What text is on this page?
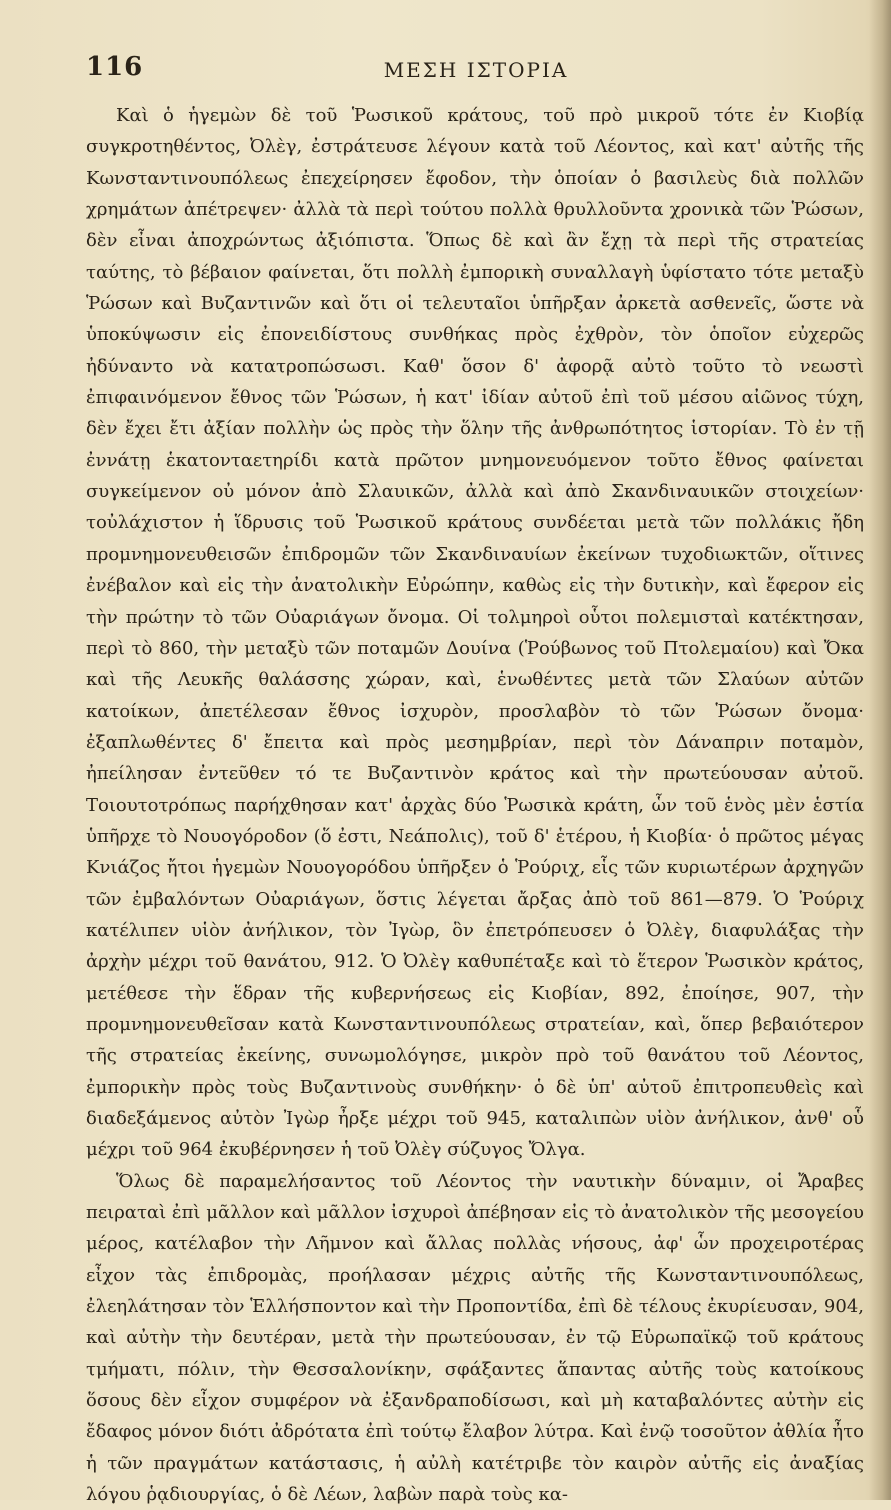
116	ΜΕΣΗ ΙΣΤΟΡΙΑ

Καὶ ὁ ἡγεμὼν δὲ τοῦ Ῥωσικοῦ κράτους, τοῦ πρὸ μικροῦ τότε ἐν Κιοβίᾳ συγκροτηθέντος, Ὀλὲγ, ἐστράτευσε λέγουν κατὰ τοῦ Λέοντος, καὶ κατ' αὐτῆς τῆς Κωνσταντινουπόλεως ἐπεχείρησεν ἔφοδον, τὴν ὁποίαν ὁ βασιλεὺς διὰ πολλῶν χρημάτων ἀπέτρεψεν· ἀλλὰ τὰ περὶ τούτου πολλὰ θρυλλοῦντα χρονικὰ τῶν Ῥώσων, δὲν εἶναι ἀποχρώντως ἀξιόπιστα. Ὅπως δὲ καὶ ἂν ἔχῃ τὰ περὶ τῆς στρατείας ταύτης, τὸ βέβαιον φαίνεται, ὅτι πολλὴ ἐμπορικὴ συναλλαγὴ ὑφίστατο τότε μεταξὺ Ῥώσων καὶ Βυζαντινῶν καὶ ὅτι οἱ τελευταῖοι ὑπῆρξαν ἀρκετὰ ασθενεῖς, ὥστε νὰ ὑποκύψωσιν εἰς ἐπονειδίστους συνθήκας πρὸς ἐχθρὸν, τὸν ὁποῖον εὐχερῶς ἠδύναντο νὰ κατατροπώσωσι. Καθ' ὅσον δ' ἀφορᾷ αὐτὸ τοῦτο τὸ νεωστὶ ἐπιφαινόμενον ἔθνος τῶν Ῥώσων, ἡ κατ' ἰδίαν αὐτοῦ ἐπὶ τοῦ μέσου αἰῶνος τύχη, δὲν ἔχει ἔτι ἀξίαν πολλὴν ὡς πρὸς τὴν ὅλην τῆς ἀνθρωπότητος ἱστορίαν. Τὸ ἐν τῇ ἐννάτῃ ἑκατονταετηρίδι κατὰ πρῶτον μνημονευόμενον τοῦτο ἔθνος φαίνεται συγκείμενον οὐ μόνον ἀπὸ Σλαυικῶν, ἀλλὰ καὶ ἀπὸ Σκανδιναυικῶν στοιχείων· τοὐλάχιστον ἡ ἵδρυσις τοῦ Ῥωσικοῦ κράτους συνδέεται μετὰ τῶν πολλάκις ἤδη προμνημονευθεισῶν ἐπιδρομῶν τῶν Σκανδιναυίων ἐκείνων τυχοδιωκτῶν, οἵτινες ἐνέβαλον καὶ εἰς τὴν ἀνατολικὴν Εὐρώπην, καθὼς εἰς τὴν δυτικὴν, καὶ ἔφερον εἰς τὴν πρώτην τὸ τῶν Οὐαριάγων ὄνομα. Οἱ τολμηροὶ οὗτοι πολεμισταὶ κατέκτησαν, περὶ τὸ 860, τὴν μεταξὺ τῶν ποταμῶν Δουίνα (Ῥούβωνος τοῦ Πτολεμαίου) καὶ Ὄκα καὶ τῆς Λευκῆς θαλάσσης χώραν, καὶ, ἑνωθέντες μετὰ τῶν Σλαύων αὐτῶν κατοίκων, ἀπετέλεσαν ἔθνος ἰσχυρὸν, προσλαβὸν τὸ τῶν Ῥώσων ὄνομα· ἐξαπλωθέντες δ' ἔπειτα καὶ πρὸς μεσημβρίαν, περὶ τὸν Δάναπριν ποταμὸν, ἠπείλησαν ἐντεῦθεν τό τε Βυζαντινὸν κράτος καὶ τὴν πρωτεύουσαν αὐτοῦ. Τοιουτοτρόπως παρήχθησαν κατ' ἀρχὰς δύο Ῥωσικὰ κράτη, ὧν τοῦ ἑνὸς μὲν ἑστία ὑπῆρχε τὸ Νουογόροδον (ὅ ἐστι, Νεάπολις), τοῦ δ' ἑτέρου, ἡ Κιοβία· ὁ πρῶτος μέγας Κνιάζος ἤτοι ἡγεμὼν Νουογορόδου ὑπῆρξεν ὁ Ῥούριχ, εἷς τῶν κυριωτέρων ἀρχηγῶν τῶν ἐμβαλόντων Οὐαριάγων, ὅστις λέγεται ἄρξας ἀπὸ τοῦ 861—879. Ὁ Ῥούριχ κατέλιπεν υἱὸν ἀνήλικον, τὸν Ἰγὼρ, ὃν ἐπετρόπευσεν ὁ Ὀλὲγ, διαφυλάξας τὴν ἀρχὴν μέχρι τοῦ θανάτου, 912. Ὁ Ὀλὲγ καθυπέταξε καὶ τὸ ἕτερον Ῥωσικὸν κράτος, μετέθεσε τὴν ἕδραν τῆς κυβερνήσεως εἰς Κιοβίαν, 892, ἐποίησε, 907, τὴν προμνημονευθεῖσαν κατὰ Κωνσταντινουπόλεως στρατείαν, καὶ, ὅπερ βεβαιότερον τῆς στρατείας ἐκείνης, συνωμολόγησε, μικρὸν πρὸ τοῦ θανάτου τοῦ Λέοντος, ἐμπορικὴν πρὸς τοὺς Βυζαντινοὺς συνθήκην· ὁ δὲ ὑπ' αὐτοῦ ἐπιτροπευθεὶς καὶ διαδεξάμενος αὐτὸν Ἰγὼρ ἦρξε μέχρι τοῦ 945, καταλιπὼν υἱὸν ἀνήλικον, ἀνθ' οὗ μέχρι τοῦ 964 ἐκυβέρνησεν ἡ τοῦ Ὀλὲγ σύζυγος Ὄλγα.

Ὅλως δὲ παραμελήσαντος τοῦ Λέοντος τὴν ναυτικὴν δύναμιν, οἱ Ἄραβες πειραταὶ ἐπὶ μᾶλλον καὶ μᾶλλον ἰσχυροὶ ἀπέβησαν εἰς τὸ ἀνατολικὸν τῆς μεσογείου μέρος, κατέλαβον τὴν Λῆμνον καὶ ἄλλας πολλὰς νήσους, ἀφ' ὧν προχειροτέρας εἶχον τὰς ἐπιδρομὰς, προήλασαν μέχρις αὐτῆς τῆς Κωνσταντινουπόλεως, ἐλεηλάτησαν τὸν Ἑλλήσποντον καὶ τὴν Προποντίδα, ἐπὶ δὲ τέλους ἐκυρίευσαν, 904, καὶ αὐτὴν τὴν δευτέραν, μετὰ τὴν πρωτεύουσαν, ἐν τῷ Εὐρωπαϊκῷ τοῦ κράτους τμήματι, πόλιν, τὴν Θεσσαλονίκην, σφάξαντες ἅπαντας αὐτῆς τοὺς κατοίκους ὅσους δὲν εἶχον συμφέρον νὰ ἐξανδραποδίσωσι, καὶ μὴ καταβαλόντες αὐτὴν εἰς ἔδαφος μόνον διότι ἀδρότατα ἐπὶ τούτῳ ἔλαβον λύτρα. Καὶ ἐνῷ τοσοῦτον ἀθλία ἦτο ἡ τῶν πραγμάτων κατάστασις, ἡ αὐλὴ κατέτριβε τὸν καιρὸν αὐτῆς εἰς ἀναξίας λόγου ῥᾳδιουργίας, ὁ δὲ Λέων, λαβὼν παρὰ τοὺς κα-
